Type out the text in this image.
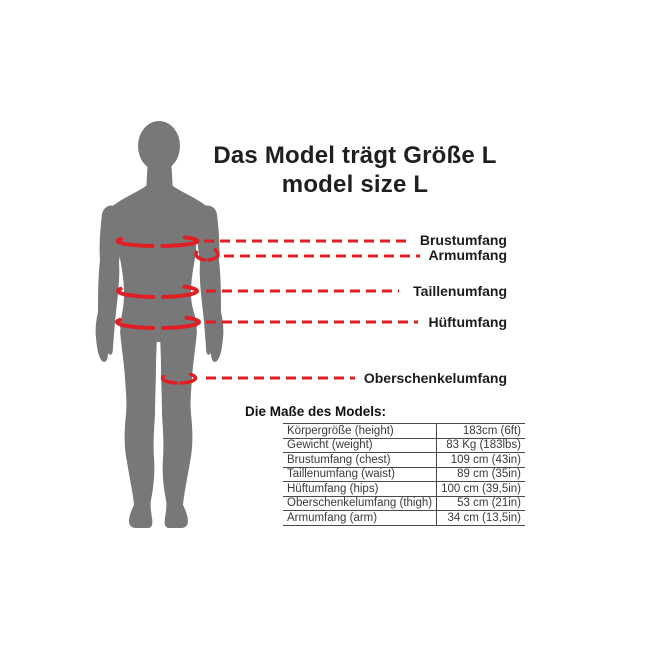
Das Model trägt Größe L
model size L
Brustumfang
Armumfang
Taillenumfang
Hüftumfang
Oberschenkelumfang
Die Maße des Models:
Körpergröße (height)	183cm (6ft)
Gewicht (weight)	83 Kg (183lbs)
Brustumfang (chest)	109 cm (43in)
Taillenumfang (waist)	89 cm (35in)
Hüftumfang (hips)	100 cm (39,5in)
Oberschenkelumfang (thigh)	53 cm (21in)
Armumfang (arm)	34 cm (13,5in)
